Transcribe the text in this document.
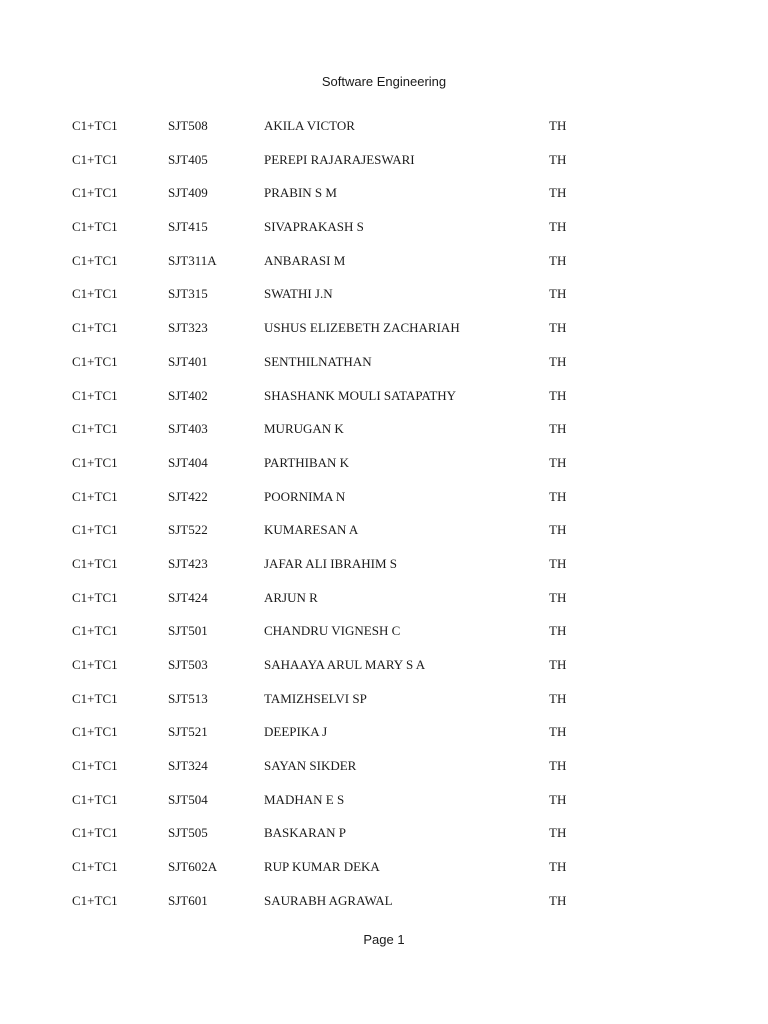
Software Engineering
C1+TC1	SJT508	AKILA VICTOR	TH
C1+TC1	SJT405	PEREPI RAJARAJESWARI	TH
C1+TC1	SJT409	PRABIN S M	TH
C1+TC1	SJT415	SIVAPRAKASH S	TH
C1+TC1	SJT311A	ANBARASI M	TH
C1+TC1	SJT315	SWATHI J.N	TH
C1+TC1	SJT323	USHUS ELIZEBETH ZACHARIAH	TH
C1+TC1	SJT401	SENTHILNATHAN	TH
C1+TC1	SJT402	SHASHANK MOULI SATAPATHY	TH
C1+TC1	SJT403	MURUGAN K	TH
C1+TC1	SJT404	PARTHIBAN K	TH
C1+TC1	SJT422	POORNIMA N	TH
C1+TC1	SJT522	KUMARESAN A	TH
C1+TC1	SJT423	JAFAR ALI IBRAHIM S	TH
C1+TC1	SJT424	ARJUN R	TH
C1+TC1	SJT501	CHANDRU VIGNESH C	TH
C1+TC1	SJT503	SAHAAYA ARUL MARY S A	TH
C1+TC1	SJT513	TAMIZHSELVI SP	TH
C1+TC1	SJT521	DEEPIKA J	TH
C1+TC1	SJT324	SAYAN SIKDER	TH
C1+TC1	SJT504	MADHAN E S	TH
C1+TC1	SJT505	BASKARAN P	TH
C1+TC1	SJT602A	RUP KUMAR DEKA	TH
C1+TC1	SJT601	SAURABH AGRAWAL	TH
Page 1
